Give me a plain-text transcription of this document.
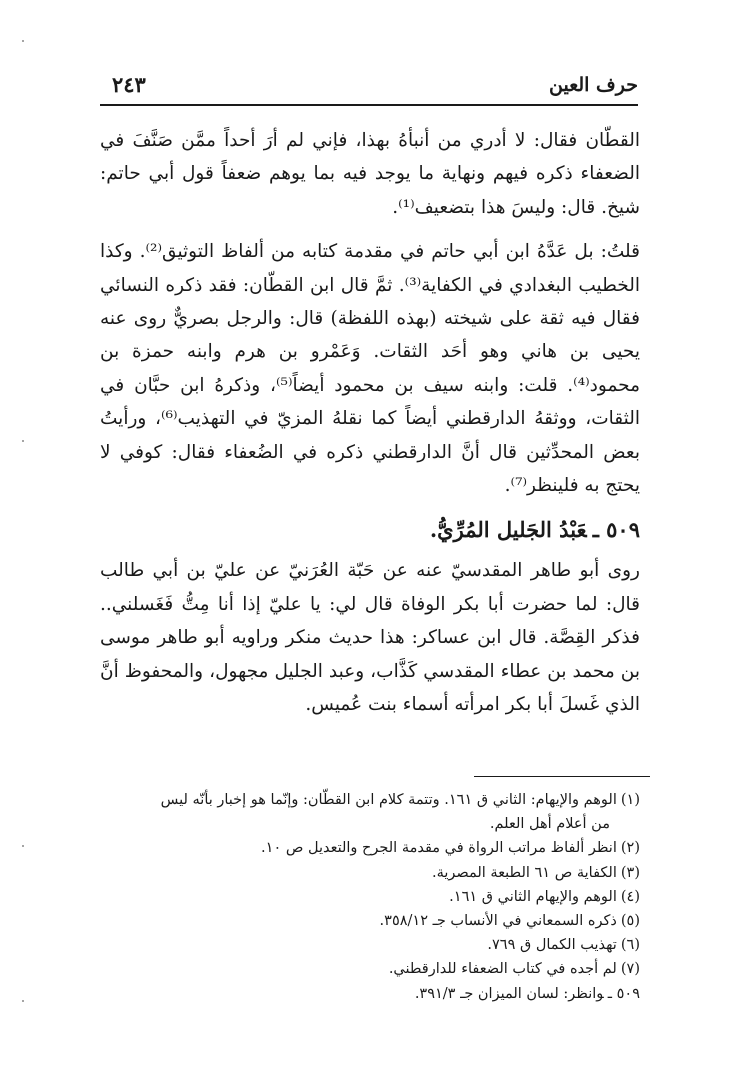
حرف العين
٢٤٣

القطّان فقال: لا أدري من أنبأهُ بهذا، فإني لم أرَ أحداً ممَّن صَنَّفَ في الضعفاء ذكره فيهم ونهاية ما يوجد فيه بما يوهم ضعفاً قول أبي حاتم: شيخ. قال: وليسَ هذا بتضعيف⁽¹⁾.

قلتُ: بل عَدَّهُ ابن أبي حاتم في مقدمة كتابه من ألفاظ التوثيق⁽²⁾. وكذا الخطيب البغدادي في الكفاية⁽³⁾. ثمَّ قال ابن القطّان: فقد ذكره النسائي فقال فيه ثقة على شيخته (بهذه اللفظة) قال: والرجل بصريٌّ روى عنه يحيى بن هاني وهو أحَد الثقات. وَعَمْرو بن هرم وابنه حمزة بن محمود⁽⁴⁾. قلت: وابنه سيف بن محمود أيضاً⁽⁵⁾، وذكرهُ ابن حبَّان في الثقات، ووثقهُ الدارقطني أيضاً كما نقلهُ المزيّ في التهذيب⁽⁶⁾، ورأيتُ بعض المحدِّثين قال أنَّ الدارقطني ذكره في الضُعفاء فقال: كوفي لا يحتج به فلينظر⁽⁷⁾.

٥٠٩ ـعَبْدُ الجَليل المُرِّيُّ.

روى أبو طاهر المقدسيّ عنه عن حَبّة العُرَنيّ عن عليّ بن أبي طالب قال: لما حضرت أبا بكر الوفاة قال لي: يا عليّ إذا أنا مِتُّ فَغَسلني.. فذكر القِصَّة. قال ابن عساكر: هذا حديث منكر وراويه أبو طاهر موسى بن محمد بن عطاء المقدسي كَذَّاب، وعبد الجليل مجهول، والمحفوظ أنَّ الذي غَسلَ أبا بكر امرأته أسماء بنت عُميس.

(١)الوهم والإيهام: الثاني ق ١٦١. وتتمة كلام ابن القطّان: وإنّما هو إخبار بأنّه ليس

من أعلام أهل العلم.

(٢)انظر ألفاظ مراتب الرواة في مقدمة الجرح والتعديل ص ١٠.

(٣)الكفاية ص ٦١ الطبعة المصرية.

(٤)الوهم والإيهام الثاني ق ١٦١.

(٥)ذكره السمعاني في الأنساب جـ ٣٥٨/١٢.

(٦)تهذيب الكمال ق ٧٦٩.

(٧)لم أجده في كتاب الضعفاء للدارقطني.

٥٠٩ ـوانظر: لسان الميزان جـ ٣٩١/٣.
